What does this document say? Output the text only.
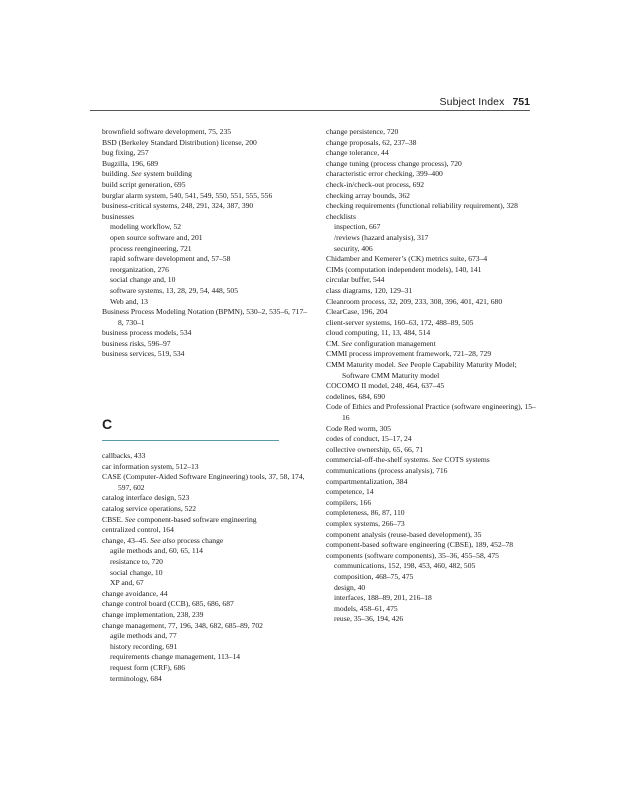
Subject Index 751
brownfield software development, 75, 235
BSD (Berkeley Standard Distribution) license, 200
bug fixing, 257
Bugzilla, 196, 689
building. See system building
build script generation, 695
burglar alarm system, 540, 541, 549, 550, 551, 555, 556
business-critical systems, 248, 291, 324, 387, 390
businesses
modeling workflow, 52
open source software and, 201
process reengineering, 721
rapid software development and, 57–58
reorganization, 276
social change and, 10
software systems, 13, 28, 29, 54, 448, 505
Web and, 13
Business Process Modeling Notation (BPMN), 530–2, 535–6, 717–8, 730–1
business process models, 534
business risks, 596–97
business services, 519, 534
C
callbacks, 433
car information system, 512–13
CASE (Computer-Aided Software Engineering) tools, 37, 58, 174, 597, 602
catalog interface design, 523
catalog service operations, 522
CBSE. See component-based software engineering
centralized control, 164
change, 43–45. See also process change
agile methods and, 60, 65, 114
resistance to, 720
social change, 10
XP and, 67
change avoidance, 44
change control board (CCB), 685, 686, 687
change implementation, 238, 239
change management, 77, 196, 348, 682, 685–89, 702
agile methods and, 77
history recording, 691
requirements change management, 113–14
request form (CRF), 686
terminology, 684
change persistence, 720
change proposals, 62, 237–38
change tolerance, 44
change tuning (process change process), 720
characteristic error checking, 399–400
check-in/check-out process, 692
checking array bounds, 362
checking requirements (functional reliability requirement), 328
checklists
inspection, 667
/reviews (hazard analysis), 317
security, 406
Chidamber and Kemerer’s (CK) metrics suite, 673–4
CIMs (computation independent models), 140, 141
circular buffer, 544
class diagrams, 120, 129–31
Cleanroom process, 32, 209, 233, 308, 396, 401, 421, 680
ClearCase, 196, 204
client-server systems, 160–63, 172, 488–89, 505
cloud computing, 11, 13, 484, 514
CM. See configuration management
CMMI process improvement framework, 721–28, 729
CMM Maturity model. See People Capability Maturity Model; Software CMM Maturity model
COCOMO II model, 248, 464, 637–45
codelines, 684, 690
Code of Ethics and Professional Practice (software engineering), 15–16
Code Red worm, 305
codes of conduct, 15–17, 24
collective ownership, 65, 66, 71
commercial-off-the-shelf systems. See COTS systems
communications (process analysis), 716
compartmentalization, 384
competence, 14
compilers, 166
completeness, 86, 87, 110
complex systems, 266–73
component analysis (reuse-based development), 35
component-based software engineering (CBSE), 189, 452–78
components (software components), 35–36, 455–58, 475
communications, 152, 198, 453, 460, 482, 505
composition, 468–75, 475
design, 40
interfaces, 188–89, 201, 216–18
models, 458–61, 475
reuse, 35–36, 194, 426
